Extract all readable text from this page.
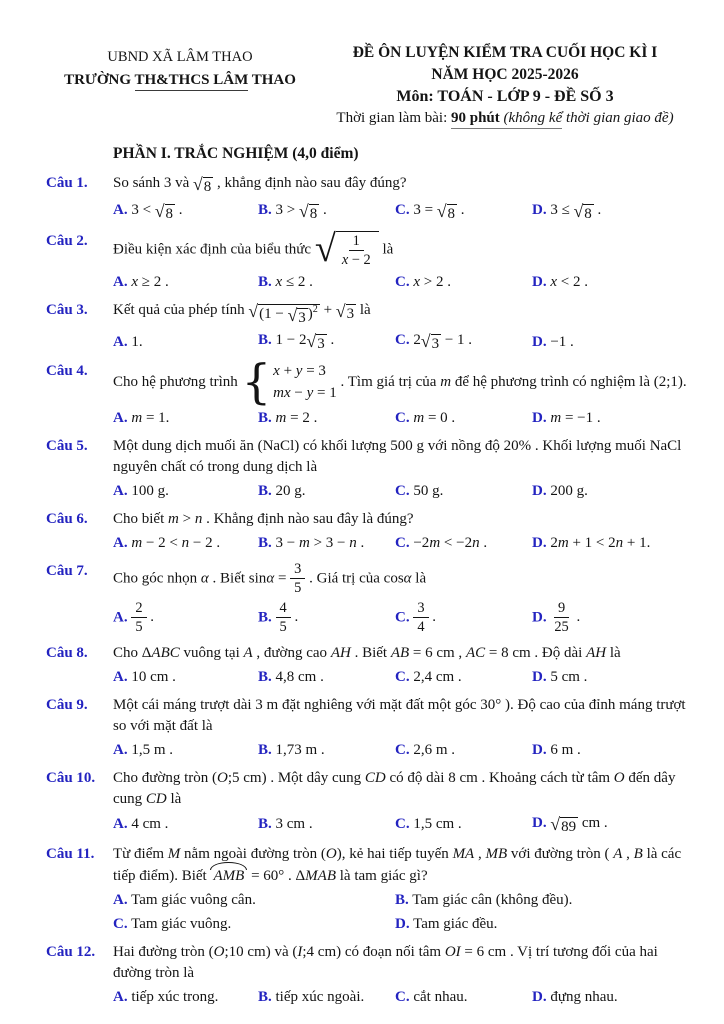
UBND XÃ LÂM THAO
TRƯỜNG TH&THCS LÂM THAO
ĐỀ ÔN LUYỆN KIỂM TRA CUỐI HỌC KÌ I
NĂM HỌC 2025-2026
Môn: TOÁN - LỚP 9 - ĐỀ SỐ 3
Thời gian làm bài: 90 phút (không kể thời gian giao đề)
PHẦN I. TRẮC NGHIỆM (4,0 điểm)
Câu 1.	So sánh 3 và √ 8 , khẳng định nào sau đây đúng?
A. 3 < √ 8 .	B. 3 > √ 8 .	C. 3 = √ 8 .	D. 3 ≤ √ 8 .
Câu 2.
Điều kiện xác định của biểu thức √ $\frac{1}{x - 2}$ là
A. x ≥ 2 .	B. x ≤ 2 .	C. x > 2 .	D. x < 2 .
Câu 3.	Kết quả của phép tính √ (1 − √ 3 )$^2$ + √ 3 là
A. 1.	B. 1 − 2 √ 3 .	C. 2 √ 3 − 1 .	D. −1 .
Câu 4.
Cho hệ phương trình { x + y = 3
mx − y = 1
. Tìm giá trị của m để hệ phương trình có nghiệm là (2;1).
A. m = 1.	B. m = 2 .	C. m = 0 .	D. m = −1 .
Câu 5.	Một dung dịch muối ăn (NaCl) có khối lượng 500 g với nồng độ 20% . Khối lượng muối NaCl nguyên chất có trong dung dịch là
A. 100 g.	B. 20 g.	C. 50 g.	D. 200 g.
Câu 6.	Cho biết m > n . Khẳng định nào sau đây là đúng?
A. m − 2 < n − 2 .	B. 3 − m > 3 − n .	C. −2m < −2n .	D. 2m + 1 < 2n + 1.
Câu 7.	Cho góc nhọn α . Biết $\sin\alpha = \frac{3}{5}$ . Giá trị của cosα là
A. $\frac{2}{5}$ .	B. $\frac{4}{5}$ .	C. $\frac{3}{4}$ .	D. $\frac{9}{25}$ .
Câu 8.	Cho ΔABC vuông tại A , đường cao AH . Biết AB = 6 cm , AC = 8 cm . Độ dài AH là
A. 10 cm .	B. 4,8 cm .	C. 2,4 cm .	D. 5 cm .
Câu 9.	Một cái máng trượt dài 3 m đặt nghiêng với mặt đất một góc 30° ). Độ cao của đỉnh máng trượt so với mặt đất là
A. 1,5 m .	B. 1,73 m .	C. 2,6 m .	D. 6 m .
Câu 10.	Cho đường tròn (O;5 cm) . Một dây cung CD có độ dài 8 cm . Khoảng cách từ tâm O đến dây cung CD là
A. 4 cm .	B. 3 cm .	C. 1,5 cm .	D. √ 89 cm .
Câu 11.	Từ điểm M nằm ngoài đường tròn (O), kẻ hai tiếp tuyến MA , MB với đường tròn ( A , B là các tiếp điểm). Biết AMB = 60° . ΔMAB là tam giác gì?
A. Tam giác vuông cân.	B. Tam giác cân (không đều).
C. Tam giác vuông.	D. Tam giác đều.
Câu 12.	Hai đường tròn (O;10 cm) và (I;4 cm) có đoạn nối tâm OI = 6 cm . Vị trí tương đối của hai đường tròn là
A. tiếp xúc trong.	B. tiếp xúc ngoài.	C. cắt nhau.	D. đựng nhau.
